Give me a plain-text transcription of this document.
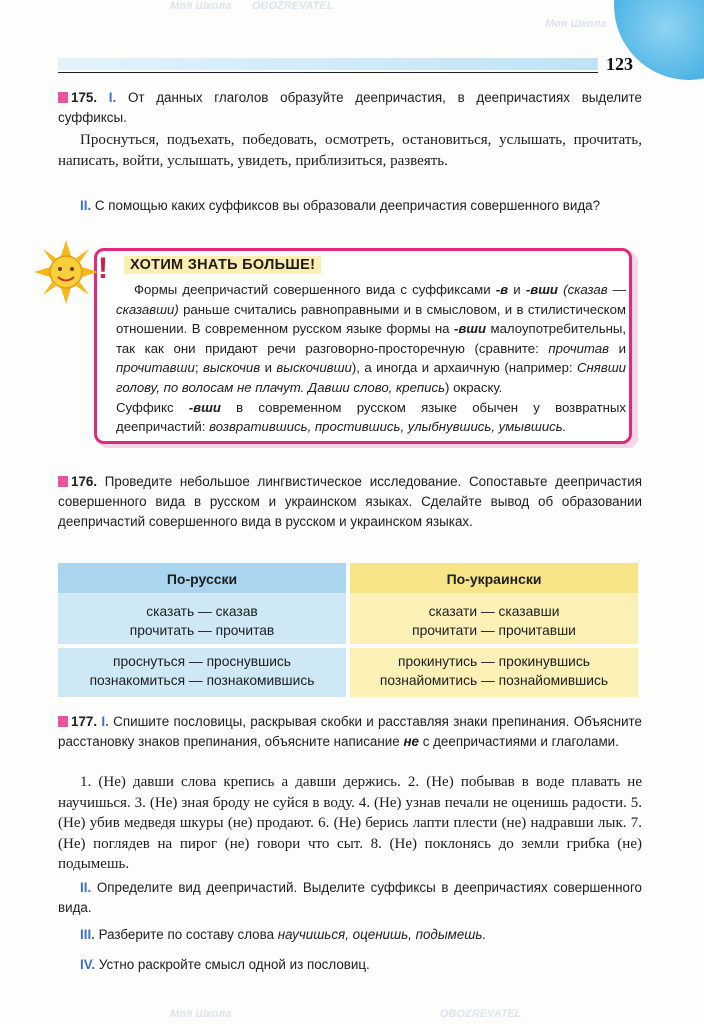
123
175. I. От данных глаголов образуйте деепричастия, в деепричастиях выделите суффиксы.
Проснуться, подъехать, победовать, осмотреть, остановиться, услышать, прочитать, написать, войти, услышать, увидеть, приблизиться, развеять.
II. С помощью каких суффиксов вы образовали деепричастия совершенного вида?
!	ХОТИМ ЗНАТЬ БОЛЬШЕ!
Формы деепричастий совершенного вида с суффиксами -в и -вши (сказав — сказавши) раньше считались равноправными и в смысловом, и в стилистическом отношении. В современном русском языке формы на -вши малоупотребительны, так как они придают речи разговорно-просторечную (сравните: прочитав и прочитавши; выскочив и выскочивши), а иногда и архаичную (например: Снявши голову, по волосам не плачут. Давши слово, крепись) окраску.
Суффикс -вши в современном русском языке обычен у возвратных деепричастий: возвратившись, простившись, улыбнувшись, умывшись.
176. Проведите небольшое лингвистическое исследование. Сопоставьте деепричастия совершенного вида в русском и украинском языках. Сделайте вывод об образовании деепричастий совершенного вида в русском и украинском языках.
По-русски
сказать — сказав
прочитать — прочитав
проснуться — проснувшись
познакомиться — познакомившись
По-украински
сказати — сказавши
прочитати — прочитавши
прокинутись — прокинувшись
познайомитись — познайомившись
177. I. Спишите пословицы, раскрывая скобки и расставляя знаки препинания. Объясните расстановку знаков препинания, объясните написание не с деепричастиями и глаголами.
1. (Не) давши слова крепись а давши держись. 2. (Не) побывав в воде плавать не научишься. 3. (Не) зная броду не суйся в воду. 4. (Не) узнав печали не оценишь радости. 5. (Не) убив медведя шкуры (не) продают. 6. (Не) берись лапти плести (не) надравши лык. 7. (Не) поглядев на пирог (не) говори что сыт. 8. (Не) поклонясь до земли грибка (не) подымешь.
II. Определите вид деепричастий. Выделите суффиксы в деепричастиях совершенного вида.
III. Разберите по составу слова научишься, оценишь, подымешь.
IV. Устно раскройте смысл одной из пословиц.
Моя Школа OBOZREVATEL
Моя Школа
Моя Школа	OBOZREVATEL
